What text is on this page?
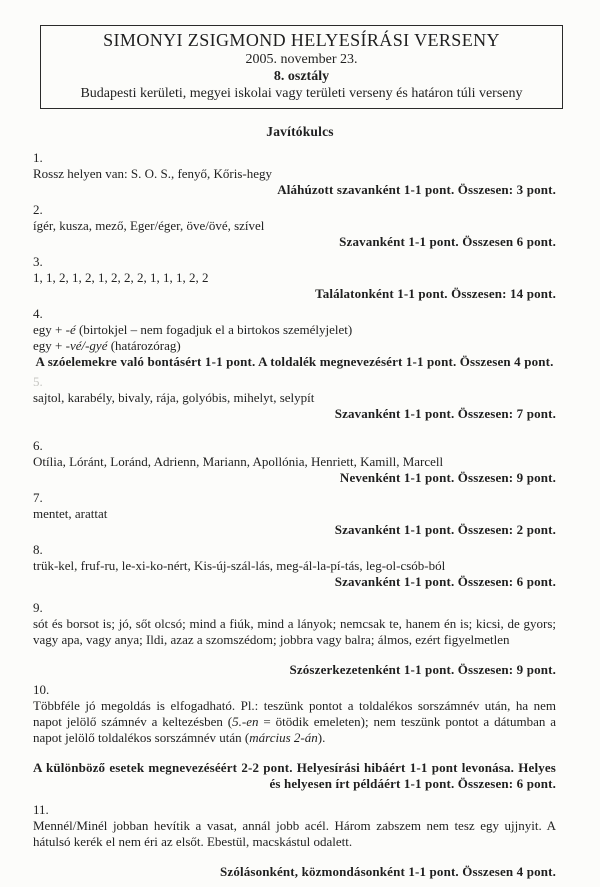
SIMONYI ZSIGMOND HELYESÍRÁSI VERSENY
2005. november 23.
8. osztály
Budapesti kerületi, megyei iskolai vagy területi verseny és határon túli verseny
Javítókulcs
1.

Rossz helyen van: S. O. S., fenyő, Kőris-hegy

Aláhúzott szavanként 1-1 pont. Összesen: 3 pont.

2.

ígér, kusza, mező, Eger/éger, öve/övé, szível

Szavanként 1-1 pont. Összesen 6 pont.

3.

1, 1, 2, 1, 2, 1, 2, 2, 2, 1, 1, 1, 2, 2

Találatonként 1-1 pont. Összesen: 14 pont.

4.

egy + -é (birtokjel – nem fogadjuk el a birtokos személyjelet)

egy + -vé/-gyé (határozórag)

A szóelemekre való bontásért 1-1 pont. A toldalék megnevezésért 1-1 pont. Összesen 4 pont.

5.

sajtol, karabély, bivaly, rája, golyóbis, mihelyt, selypít

Szavanként 1-1 pont. Összesen: 7 pont.

6.

Otília, Lóránt, Loránd, Adrienn, Mariann, Apollónia, Henriett, Kamill, Marcell

Nevenként 1-1 pont. Összesen: 9 pont.

7.

mentet, arattat

Szavanként 1-1 pont. Összesen: 2 pont.

8.

trük-kel, fruf-ru, le-xi-ko-nért, Kis-új-szál-lás, meg-ál-la-pí-tás, leg-ol-csób-ból

Szavanként 1-1 pont. Összesen: 6 pont.

9.

sót és borsot is; jó, sőt olcsó; mind a fiúk, mind a lányok; nemcsak te, hanem én is; kicsi, de gyors; vagy apa, vagy anya; Ildi, azaz a szomszédom; jobbra vagy balra; álmos, ezért figyelmetlen

Szószerkezetenként 1-1 pont. Összesen: 9 pont.

10.

Többféle jó megoldás is elfogadható. Pl.: teszünk pontot a toldalékos sorszámnév után, ha nem napot jelölő számnév a keltezésben (5.-en = ötödik emeleten); nem teszünk pontot a dátumban a napot jelölő toldalékos sorszámnév után (március 2-án).

A különböző esetek megnevezéséért 2-2 pont. Helyesírási hibáért 1-1 pont levonása. Helyes és helyesen írt példáért 1-1 pont. Összesen: 6 pont.

11.

Mennél/Minél jobban hevítik a vasat, annál jobb acél. Három zabszem nem tesz egy ujjnyit. A hátulsó kerék el nem éri az elsőt. Ebestül, macskástul odalett.

Szólásonként, közmondásonként 1-1 pont. Összesen 4 pont.
